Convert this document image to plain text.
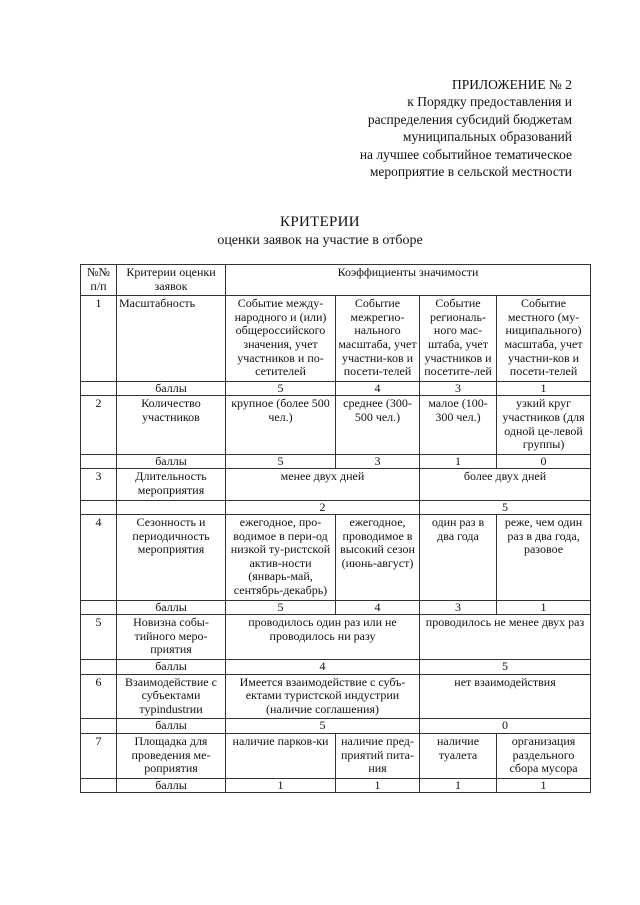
ПРИЛОЖЕНИЕ № 2
к Порядку предоставления и
распределения субсидий бюджетам
муниципальных образований
на лучшее событийное тематическое
мероприятие в сельской местности
КРИТЕРИИ
оценки заявок на участие в отборе
№№ п/п	Критерии оценки заявок	Коэффициенты значимости			
1	Масштабность	Событие между-народного и (или) общероссийского значения, учет участников и по-сетителей	Событие межрегио-нального масштаба, учет участни-ков и посети-телей	Событие региональ-ного мас-штаба, учет участников и посетите-лей	Событие местного (му-ниципального) масштаба, учет участни-ков и посети-телей
	баллы	5	4	3	1
2	Количество участников	крупное (более 500 чел.)	среднее (300-500 чел.)	малое (100-300 чел.)	узкий круг участников (для одной це-левой группы)
	баллы	5	3	1	0
3	Длительность мероприятия	менее двух дней		более двух дней	
		2		5	
4	Сезонность и периодичность мероприятия	ежегодное, про-водимое в пери-од низкой ту-ристской актив-ности (январь-май, сентябрь-декабрь)	ежегодное, проводимое в высокий сезон (июнь-август)	один раз в два года	реже, чем один раз в два года, разовое
	баллы	5	4	3	1
5	Новизна собы-тийного меро-приятия	проводилось один раз или не проводилось ни разу		проводилось не менее двух раз	
	баллы	4		5	
6	Взаимодействие с субъектами турindustrии	Имеется взаимодействие с субъ-ектами туристской индустрии (наличие соглашения)		нет взаимодействия	
	баллы	5		0	
7	Площадка для проведения ме-роприятия	наличие парков-ки	наличие пред-приятий пита-ния	наличие туалета	организация раздельного сбора мусора
	баллы	1	1	1	1
